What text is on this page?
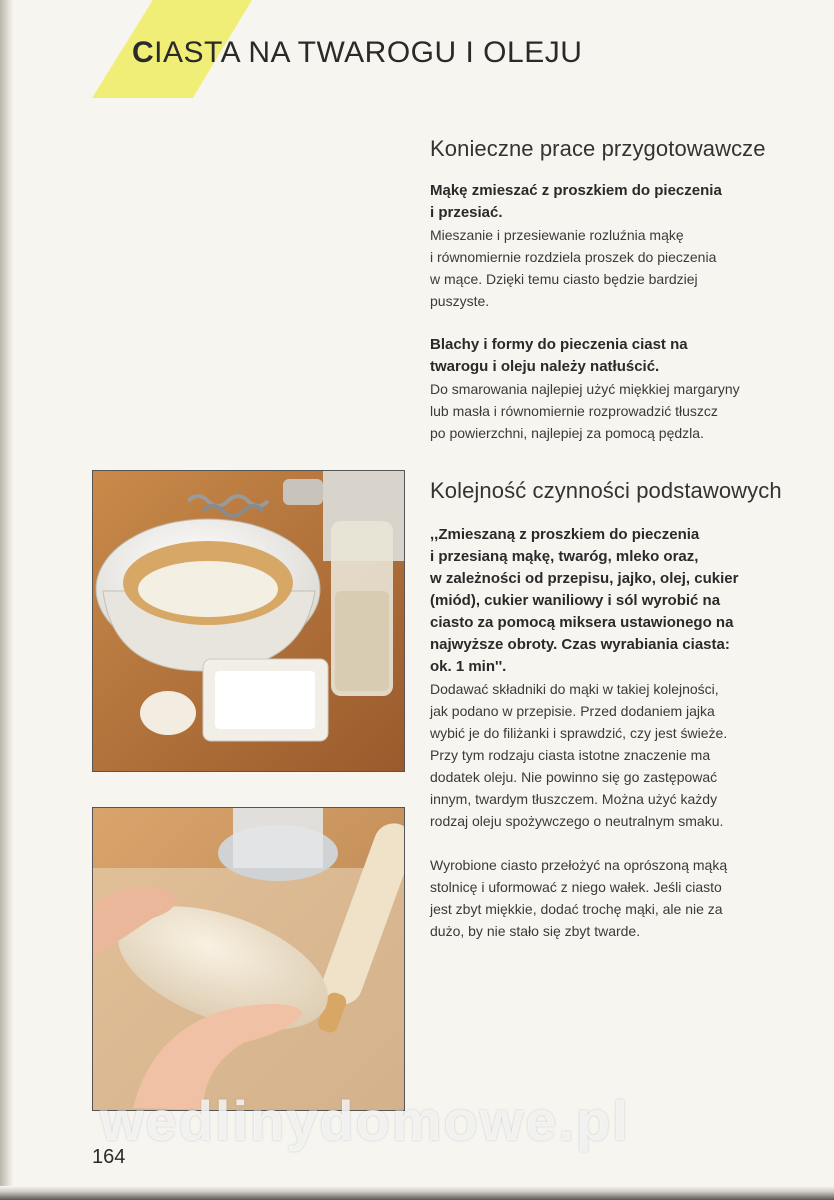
CIASTA NA TWAROGU I OLEJU
Konieczne prace przygotowawcze

Mąkę zmieszać z proszkiem do pieczenia
i przesiać.

Mieszanie i przesiewanie rozluźnia mąkę
i równomiernie rozdziela proszek do pieczenia
w mące. Dzięki temu ciasto będzie bardziej
puszyste.

Blachy i formy do pieczenia ciast na
twarogu i oleju należy natłuścić.

Do smarowania najlepiej użyć miękkiej margaryny
lub masła i równomiernie rozprowadzić tłuszcz
po powierzchni, najlepiej za pomocą pędzla.

Kolejność czynności podstawowych

,,Zmieszaną z proszkiem do pieczenia
i przesianą mąkę, twaróg, mleko oraz,
w zależności od przepisu, jajko, olej, cukier
(miód), cukier waniliowy i sól wyrobić na
ciasto za pomocą miksera ustawionego na
najwyższe obroty. Czas wyrabiania ciasta:
ok. 1 min''.

Dodawać składniki do mąki w takiej kolejności,
jak podano w przepisie. Przed dodaniem jajka
wybić je do filiżanki i sprawdzić, czy jest świeże.
Przy tym rodzaju ciasta istotne znaczenie ma
dodatek oleju. Nie powinno się go zastępować
innym, twardym tłuszczem. Można użyć każdy
rodzaj oleju spożywczego o neutralnym smaku.

Wyrobione ciasto przełożyć na oprószoną mąką
stolnicę i uformować z niego wałek. Jeśli ciasto
jest zbyt miękkie, dodać trochę mąki, ale nie za
dużo, by nie stało się zbyt twarde.

wedlinydomowe.pl
164
